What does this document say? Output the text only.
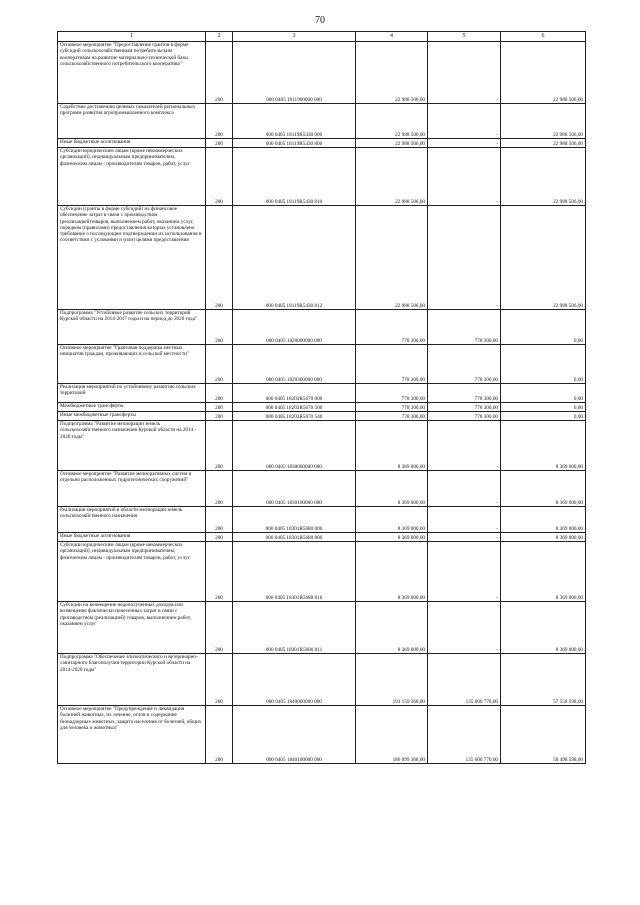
70
1	2	3	4	5	6
Основное мероприятие "Предоставление грантов в форме субсидий сельскохозяйственным потребительским кооперативам на развитие материально-технической базы сельскохозяйственного потребительского кооператива"	200	000 0405 1811900000 000	22 988 506,00	-	22 988 506,00
Содействие достижению целевых показателей региональных программ развития агропромышленного комплекса	200	000 0405 18119R5430 000	22 988 506,00	-	22 988 506,00
Иные бюджетные ассигнования	200	000 0405 18119R5430 800	22 988 506,00	-	22 988 506,00
Субсидии юридическим лицам (кроме некоммерческих организаций), индивидуальным предпринимателям, физическим лицам - производителям товаров, работ, услуг	200	000 0405 18119R5430 810	22 988 506,00	-	22 988 506,00
Субсидии (гранты в форме субсидий) на финансовое обеспечение затрат в связи с производством (реализацией)товаров, выполнением работ, оказанием услуг, порядком (правилами) предоставления которых установлено требование о последующем подтверждении их использования в соответствии с условиями и (или) целями предоставления	200	000 0405 18119R5430 812	22 988 506,00	-	22 988 506,00
Подпрограмма "Устойчивое развитие сельских территорий Курской области на 2014-2017 годы и на период до 2020 года"	200	000 0405 1820000000 000	778 300,00	778 300,00	0,00
Основное мероприятие "Грантовая поддержка местных инициатив граждан, проживающих в сельской местности"	200	000 0405 1820300000 000	778 300,00	778 300,00	0,00
Реализация мероприятий по устойчивому развитию сельских территорий	200	000 0405 18203R5670 000	778 300,00	778 300,00	0,00
Межбюджетные трансферты	200	000 0405 18203R5670 500	778 300,00	778 300,00	0,00
Иные межбюджетные трансферты	200	000 0405 18203R5670 540	778 300,00	778 300,00	0,00
Подпрограмма "Развитие мелиорации земель сельскохозяйственного назначения Курской области на 2014 - 2020 годы"	200	000 0405 1830000000 000	8 369 000,00	-	8 369 000,00
Основное мероприятие "Развитие мелиоративных систем и отдельно расположенных гидротехнических сооружений"	200	000 0405 1830100000 000	8 369 000,00	-	8 369 000,00
Реализация мероприятий в области мелиорации земель сельскохозяйственного назначения	200	000 0405 18301R5680 000	8 369 000,00	-	8 369 000,00
Иные бюджетные ассигнования	200	000 0405 18301R5680 800	8 369 000,00	-	8 369 000,00
Субсидии юридическим лицам (кроме некоммерческих организаций), индивидуальным предпринимателям, физическим лицам - производителям товаров, работ, услуг	200	000 0405 18301R5680 810	8 369 000,00	-	8 369 000,00
Субсидии на возмещение недополученных доходов или возмещение фактически понесенных затрат в связи с производством (реализацией) товаров, выполнением работ, оказанием услуг	200	000 0405 18301R5680 811	8 369 000,00	-	8 369 000,00
Подпрограмма "Обеспечение эпизоотического и ветеринарно-санитарного благополучия территории Курской области на 2014-2020 годы"	200	000 0405 1840000000 000	193 159 368,00	135 600 770,00	57 558 598,00
Основное мероприятие "Предупреждение и ликвидация болезней животных, их лечение, отлов и содержание безнадзорных животных, защита населения от болезней, общих для человека и животных"	200	000 0405 1840100000 000	186 099 368,00	135 600 770,00	50 498 598,00
